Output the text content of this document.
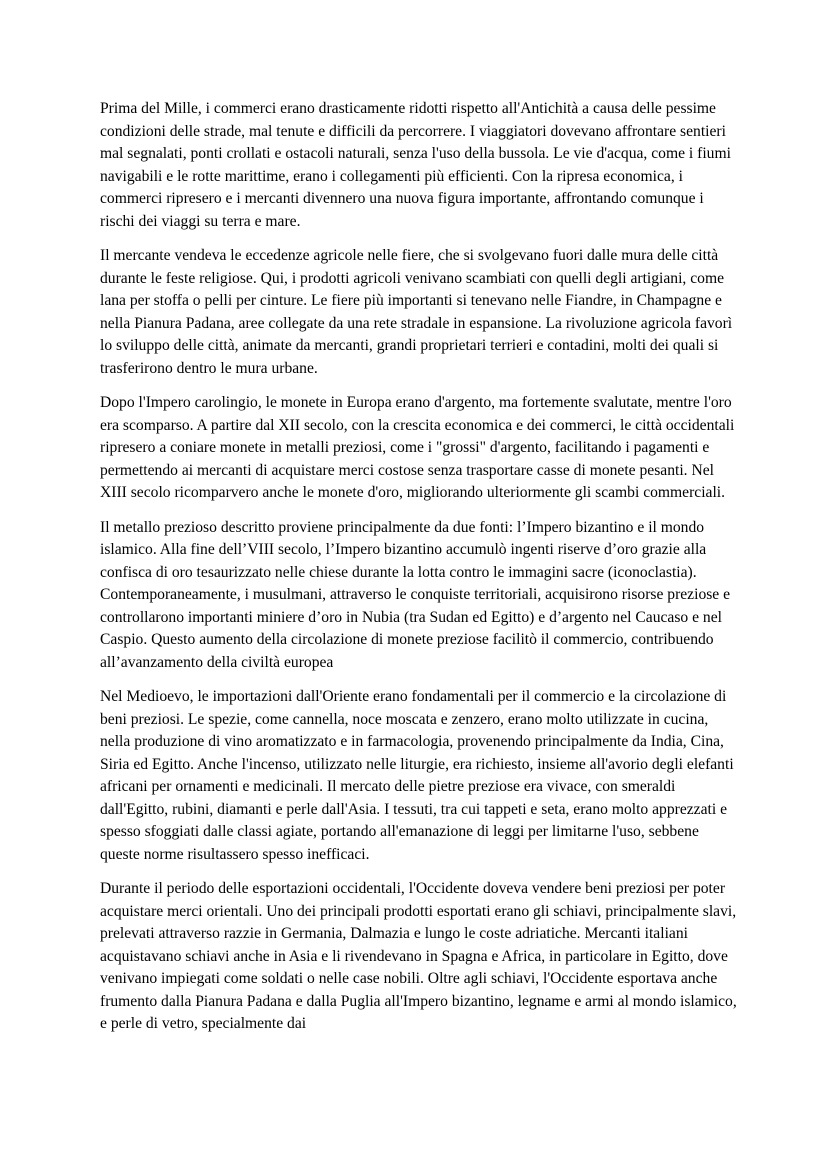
Prima del Mille, i commerci erano drasticamente ridotti rispetto all'Antichità a causa delle pessime condizioni delle strade, mal tenute e difficili da percorrere. I viaggiatori dovevano affrontare sentieri mal segnalati, ponti crollati e ostacoli naturali, senza l'uso della bussola. Le vie d'acqua, come i fiumi navigabili e le rotte marittime, erano i collegamenti più efficienti. Con la ripresa economica, i commerci ripresero e i mercanti divennero una nuova figura importante, affrontando comunque i rischi dei viaggi su terra e mare.

Il mercante vendeva le eccedenze agricole nelle fiere, che si svolgevano fuori dalle mura delle città durante le feste religiose. Qui, i prodotti agricoli venivano scambiati con quelli degli artigiani, come lana per stoffa o pelli per cinture. Le fiere più importanti si tenevano nelle Fiandre, in Champagne e nella Pianura Padana, aree collegate da una rete stradale in espansione. La rivoluzione agricola favorì lo sviluppo delle città, animate da mercanti, grandi proprietari terrieri e contadini, molti dei quali si trasferirono dentro le mura urbane.

Dopo l'Impero carolingio, le monete in Europa erano d'argento, ma fortemente svalutate, mentre l'oro era scomparso. A partire dal XII secolo, con la crescita economica e dei commerci, le città occidentali ripresero a coniare monete in metalli preziosi, come i "grossi" d'argento, facilitando i pagamenti e permettendo ai mercanti di acquistare merci costose senza trasportare casse di monete pesanti. Nel XIII secolo ricomparvero anche le monete d'oro, migliorando ulteriormente gli scambi commerciali.

Il metallo prezioso descritto proviene principalmente da due fonti: l’Impero bizantino e il mondo islamico. Alla fine dell’VIII secolo, l’Impero bizantino accumulò ingenti riserve d’oro grazie alla confisca di oro tesaurizzato nelle chiese durante la lotta contro le immagini sacre (iconoclastia). Contemporaneamente, i musulmani, attraverso le conquiste territoriali, acquisirono risorse preziose e controllarono importanti miniere d’oro in Nubia (tra Sudan ed Egitto) e d’argento nel Caucaso e nel Caspio. Questo aumento della circolazione di monete preziose facilitò il commercio, contribuendo all’avanzamento della civiltà europea

Nel Medioevo, le importazioni dall'Oriente erano fondamentali per il commercio e la circolazione di beni preziosi. Le spezie, come cannella, noce moscata e zenzero, erano molto utilizzate in cucina, nella produzione di vino aromatizzato e in farmacologia, provenendo principalmente da India, Cina, Siria ed Egitto. Anche l'incenso, utilizzato nelle liturgie, era richiesto, insieme all'avorio degli elefanti africani per ornamenti e medicinali. Il mercato delle pietre preziose era vivace, con smeraldi dall'Egitto, rubini, diamanti e perle dall'Asia. I tessuti, tra cui tappeti e seta, erano molto apprezzati e spesso sfoggiati dalle classi agiate, portando all'emanazione di leggi per limitarne l'uso, sebbene queste norme risultassero spesso inefficaci.

Durante il periodo delle esportazioni occidentali, l'Occidente doveva vendere beni preziosi per poter acquistare merci orientali. Uno dei principali prodotti esportati erano gli schiavi, principalmente slavi, prelevati attraverso razzie in Germania, Dalmazia e lungo le coste adriatiche. Mercanti italiani acquistavano schiavi anche in Asia e li rivendevano in Spagna e Africa, in particolare in Egitto, dove venivano impiegati come soldati o nelle case nobili. Oltre agli schiavi, l'Occidente esportava anche frumento dalla Pianura Padana e dalla Puglia all'Impero bizantino, legname e armi al mondo islamico, e perle di vetro, specialmente dai
